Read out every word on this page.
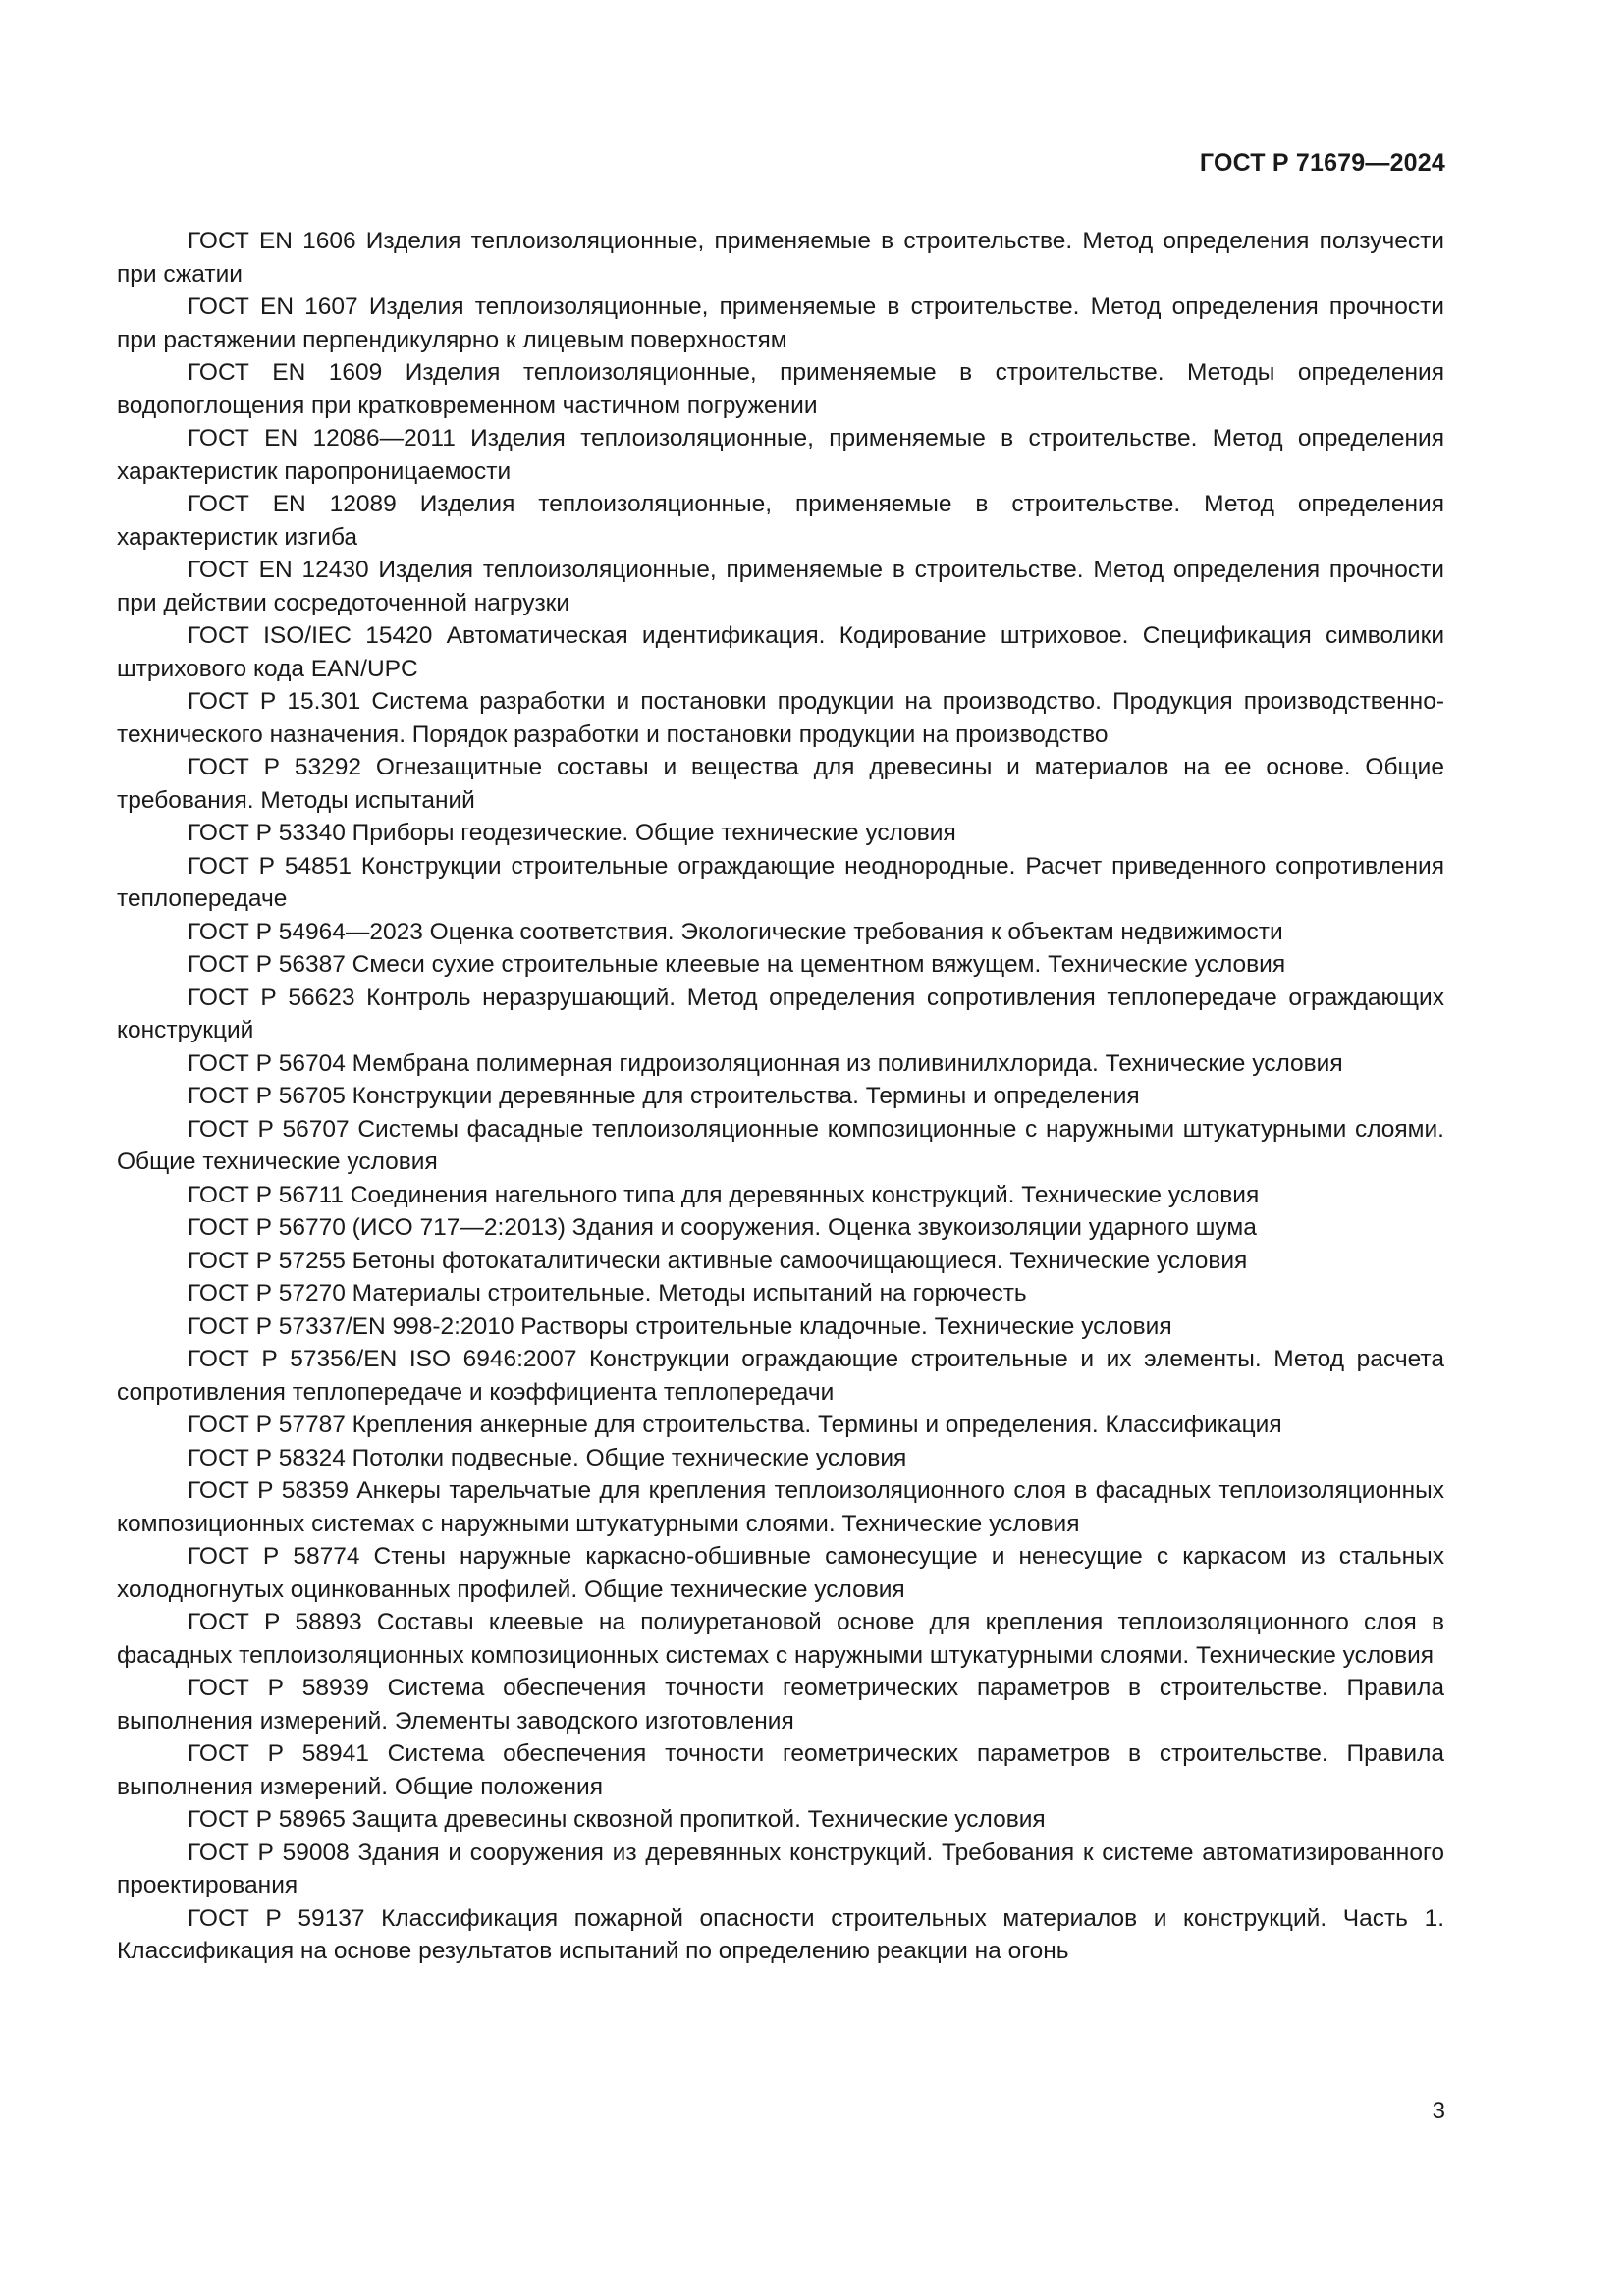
ГОСТ Р 71679—2024
ГОСТ EN 1606 Изделия теплоизоляционные, применяемые в строительстве. Метод определения ползучести при сжатии
ГОСТ EN 1607 Изделия теплоизоляционные, применяемые в строительстве. Метод определения прочности при растяжении перпендикулярно к лицевым поверхностям
ГОСТ EN 1609 Изделия теплоизоляционные, применяемые в строительстве. Методы определения водопоглощения при кратковременном частичном погружении
ГОСТ EN 12086—2011 Изделия теплоизоляционные, применяемые в строительстве. Метод определения характеристик паропроницаемости
ГОСТ EN 12089 Изделия теплоизоляционные, применяемые в строительстве. Метод определения характеристик изгиба
ГОСТ EN 12430 Изделия теплоизоляционные, применяемые в строительстве. Метод определения прочности при действии сосредоточенной нагрузки
ГОСТ ISO/IEC 15420 Автоматическая идентификация. Кодирование штриховое. Спецификация символики штрихового кода EAN/UPC
ГОСТ Р 15.301 Система разработки и постановки продукции на производство. Продукция производственно-технического назначения. Порядок разработки и постановки продукции на производство
ГОСТ Р 53292 Огнезащитные составы и вещества для древесины и материалов на ее основе. Общие требования. Методы испытаний
ГОСТ Р 53340 Приборы геодезические. Общие технические условия
ГОСТ Р 54851 Конструкции строительные ограждающие неоднородные. Расчет приведенного сопротивления теплопередаче
ГОСТ Р 54964—2023 Оценка соответствия. Экологические требования к объектам недвижимости
ГОСТ Р 56387 Смеси сухие строительные клеевые на цементном вяжущем. Технические условия
ГОСТ Р 56623 Контроль неразрушающий. Метод определения сопротивления теплопередаче ограждающих конструкций
ГОСТ Р 56704 Мембрана полимерная гидроизоляционная из поливинилхлорида. Технические условия
ГОСТ Р 56705 Конструкции деревянные для строительства. Термины и определения
ГОСТ Р 56707 Системы фасадные теплоизоляционные композиционные с наружными штукатурными слоями. Общие технические условия
ГОСТ Р 56711 Соединения нагельного типа для деревянных конструкций. Технические условия
ГОСТ Р 56770 (ИСО 717—2:2013) Здания и сооружения. Оценка звукоизоляции ударного шума
ГОСТ Р 57255 Бетоны фотокаталитически активные самоочищающиеся. Технические условия
ГОСТ Р 57270 Материалы строительные. Методы испытаний на горючесть
ГОСТ Р 57337/EN 998-2:2010 Растворы строительные кладочные. Технические условия
ГОСТ Р 57356/EN ISO 6946:2007 Конструкции ограждающие строительные и их элементы. Метод расчета сопротивления теплопередаче и коэффициента теплопередачи
ГОСТ Р 57787 Крепления анкерные для строительства. Термины и определения. Классификация
ГОСТ Р 58324 Потолки подвесные. Общие технические условия
ГОСТ Р 58359 Анкеры тарельчатые для крепления теплоизоляционного слоя в фасадных теплоизоляционных композиционных системах с наружными штукатурными слоями. Технические условия
ГОСТ Р 58774 Стены наружные каркасно-обшивные самонесущие и ненесущие с каркасом из стальных холодногнутых оцинкованных профилей. Общие технические условия
ГОСТ Р 58893 Составы клеевые на полиуретановой основе для крепления теплоизоляционного слоя в фасадных теплоизоляционных композиционных системах с наружными штукатурными слоями. Технические условия
ГОСТ Р 58939 Система обеспечения точности геометрических параметров в строительстве. Правила выполнения измерений. Элементы заводского изготовления
ГОСТ Р 58941 Система обеспечения точности геометрических параметров в строительстве. Правила выполнения измерений. Общие положения
ГОСТ Р 58965 Защита древесины сквозной пропиткой. Технические условия
ГОСТ Р 59008 Здания и сооружения из деревянных конструкций. Требования к системе автоматизированного проектирования
ГОСТ Р 59137 Классификация пожарной опасности строительных материалов и конструкций. Часть 1. Классификация на основе результатов испытаний по определению реакции на огонь
3
